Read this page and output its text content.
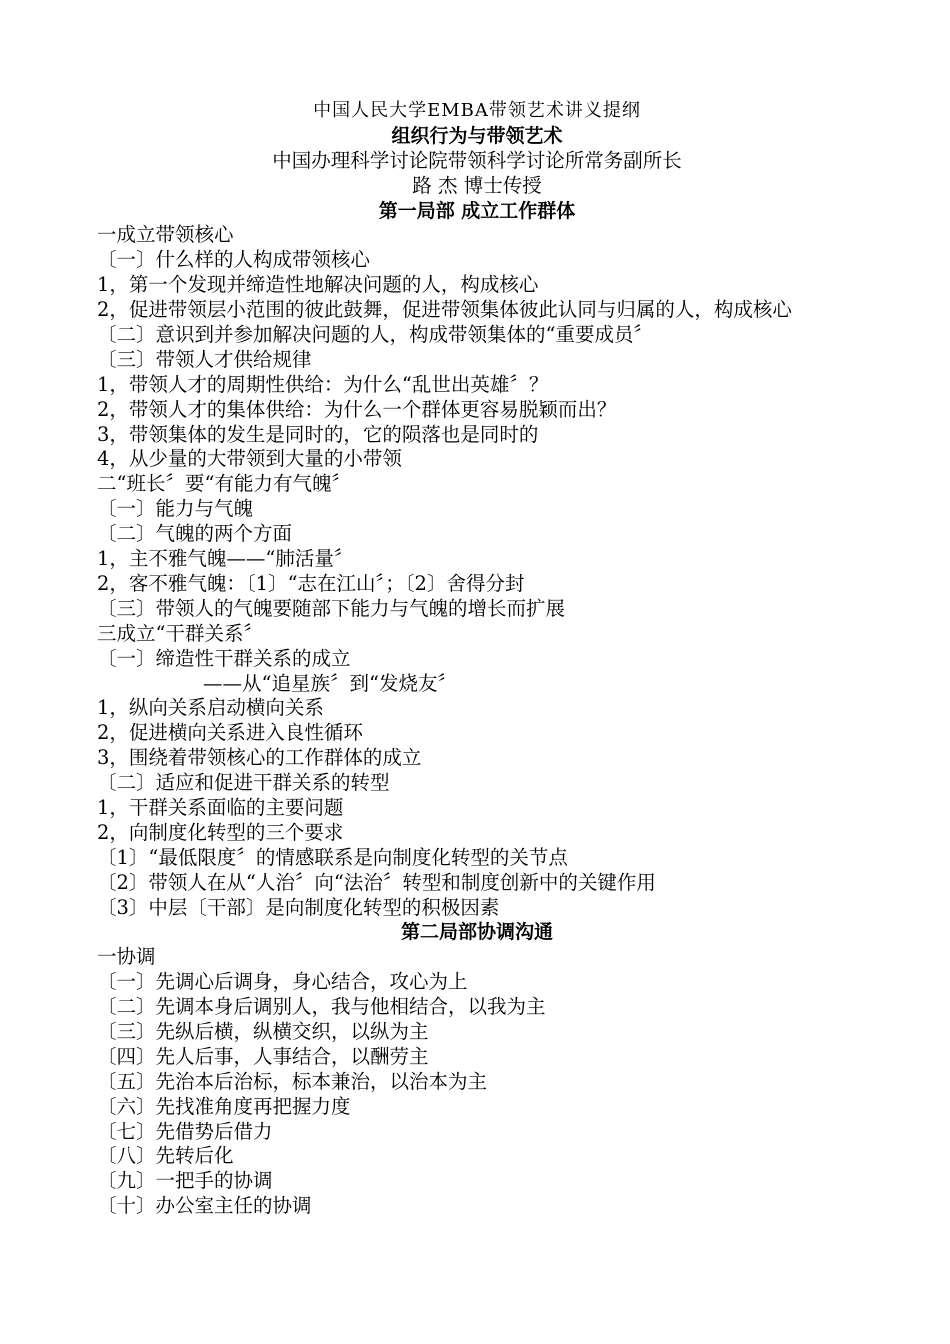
中国人民大学EMBA带领艺术讲义提纲
组织行为与带领艺术
中国办理科学讨论院带领科学讨论所常务副所长
路 杰 博士传授
第一局部 成立工作群体
一成立带领核心
〔一〕什么样的人构成带领核心
1，第一个发现并缔造性地解决问题的人，构成核心
2，促进带领层小范围的彼此鼓舞，促进带领集体彼此认同与归属的人，构成核心
〔二〕意识到并参加解决问题的人，构成带领集体的“重要成员〞
〔三〕带领人才供给规律
1，带领人才的周期性供给：为什么“乱世出英雄〞？
2，带领人才的集体供给：为什么一个群体更容易脱颖而出？
3，带领集体的发生是同时的，它的陨落也是同时的
4，从少量的大带领到大量的小带领
二“班长〞要“有能力有气魄〞
〔一〕能力与气魄
〔二〕气魄的两个方面
1，主不雅气魄——“肺活量〞
2，客不雅气魄：〔1〕“志在江山〞；〔2〕舍得分封
〔三〕带领人的气魄要随部下能力与气魄的增长而扩展
三成立“干群关系〞
〔一〕缔造性干群关系的成立
——从“追星族〞到“发烧友〞
1，纵向关系启动横向关系
2，促进横向关系进入良性循环
3，围绕着带领核心的工作群体的成立
〔二〕适应和促进干群关系的转型
1，干群关系面临的主要问题
2，向制度化转型的三个要求
〔1〕“最低限度〞的情感联系是向制度化转型的关节点
〔2〕带领人在从“人治〞向“法治〞转型和制度创新中的关键作用
〔3〕中层〔干部〕是向制度化转型的积极因素
第二局部协调沟通
一协调
〔一〕先调心后调身，身心结合，攻心为上
〔二〕先调本身后调别人，我与他相结合，以我为主
〔三〕先纵后横，纵横交织，以纵为主
〔四〕先人后事，人事结合，以酬劳主
〔五〕先治本后治标，标本兼治，以治本为主
〔六〕先找准角度再把握力度
〔七〕先借势后借力
〔八〕先转后化
〔九〕一把手的协调
〔十〕办公室主任的协调
